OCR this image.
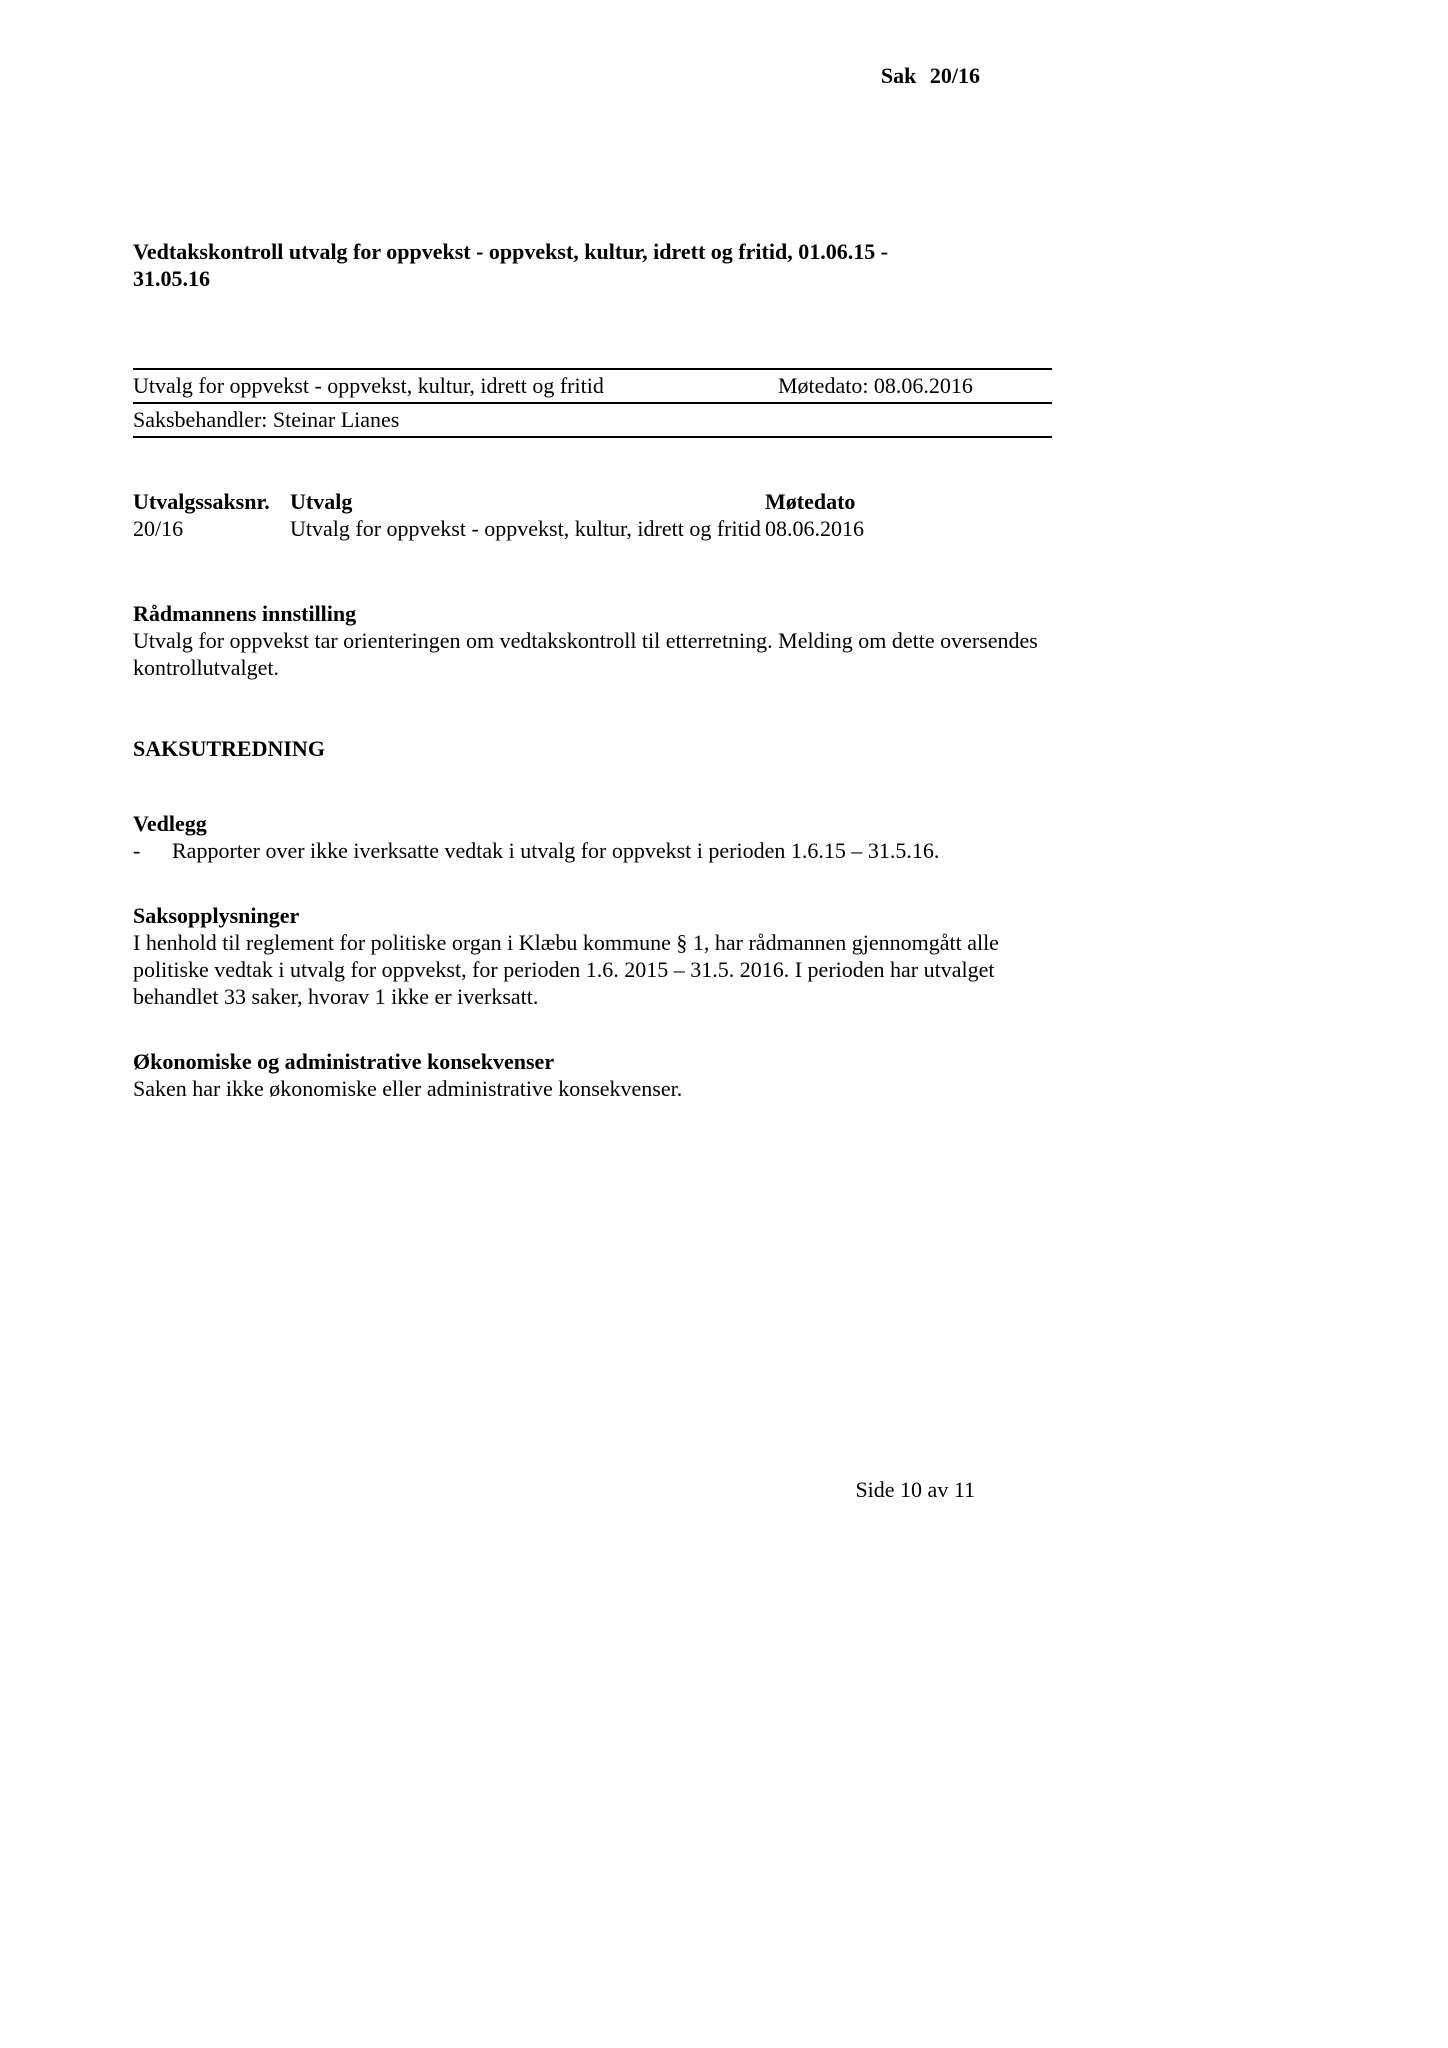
Sak 20/16
Vedtakskontroll utvalg for oppvekst - oppvekst, kultur, idrett og fritid, 01.06.15 - 31.05.16
Utvalg for oppvekst - oppvekst, kultur, idrett og fritid	Møtedato: 08.06.2016
Saksbehandler: Steinar Lianes
Utvalgssaksnr. Utvalg	Møtedato
20/16	Utvalg for oppvekst - oppvekst, kultur, idrett og fritid 08.06.2016
Rådmannens innstilling
Utvalg for oppvekst tar orienteringen om vedtakskontroll til etterretning. Melding om dette oversendes kontrollutvalget.
SAKSUTREDNING
Vedlegg
-	Rapporter over ikke iverksatte vedtak i utvalg for oppvekst i perioden 1.6.15 – 31.5.16.
Saksopplysninger
I henhold til reglement for politiske organ i Klæbu kommune § 1, har rådmannen gjennomgått alle politiske vedtak i utvalg for oppvekst, for perioden 1.6. 2015 – 31.5. 2016. I perioden har utvalget behandlet 33 saker, hvorav 1 ikke er iverksatt.
Økonomiske og administrative konsekvenser
Saken har ikke økonomiske eller administrative konsekvenser.
Side 10 av 11
